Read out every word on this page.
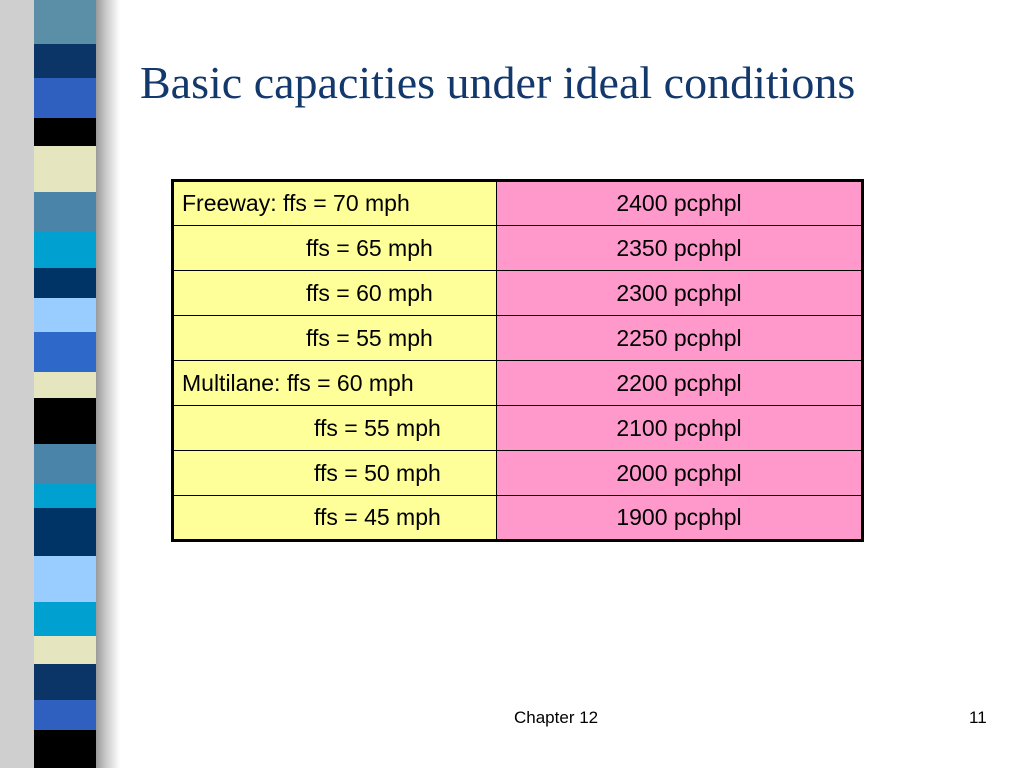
Basic capacities under ideal conditions
Freeway: ffs = 70 mph	2400 pcphpl
ffs = 65 mph	2350 pcphpl
ffs = 60 mph	2300 pcphpl
ffs = 55 mph	2250 pcphpl
Multilane: ffs = 60 mph	2200 pcphpl
ffs = 55 mph	2100 pcphpl
ffs = 50 mph	2000 pcphpl
ffs = 45 mph	1900 pcphpl
Chapter 12	11
